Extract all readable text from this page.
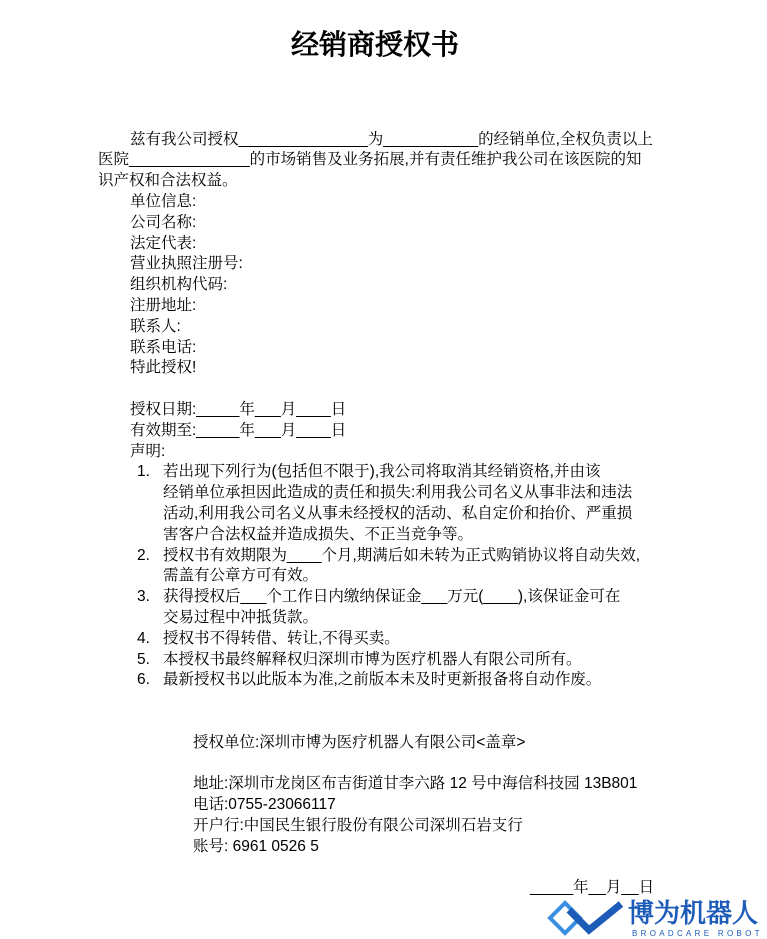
经销商授权书
兹有我公司授权_______________为___________的经销单位,全权负责以上
医院______________的市场销售及业务拓展,并有责任维护我公司在该医院的知
识产权和合法权益。
单位信息:
公司名称:
法定代表:
营业执照注册号:
组织机构代码:
注册地址:
联系人:
联系电话:
特此授权!
授权日期:_____年___月____日
有效期至:_____年___月____日
声明:

1.

若出现下列行为(包括但不限于),我公司将取消其经销资格,并由该

经销单位承担因此造成的责任和损失:利用我公司名义从事非法和违法
活动,利用我公司名义从事未经授权的活动、私自定价和抬价、严重损
害客户合法权益并造成损失、不正当竞争等。

2.

授权书有效期限为____个月,期满后如未转为正式购销协议将自动失效,

需盖有公章方可有效。

3.

获得授权后___个工作日内缴纳保证金___万元(____),该保证金可在

交易过程中冲抵货款。

4.

授权书不得转借、转让,不得买卖。

5.

本授权书最终解释权归深圳市博为医疗机器人有限公司所有。

6.

最新授权书以此版本为准,之前版本未及时更新报备将自动作废。

授权单位:深圳市博为医疗机器人有限公司<盖章>
地址:深圳市龙岗区布吉街道甘李六路 12 号中海信科技园 13B801
电话:0755-23066117
开户行:中国民生银行股份有限公司深圳石岩支行
账号: 6961 0526 5
_____年__月__日
博为机器人
BROADCARE ROBOT
